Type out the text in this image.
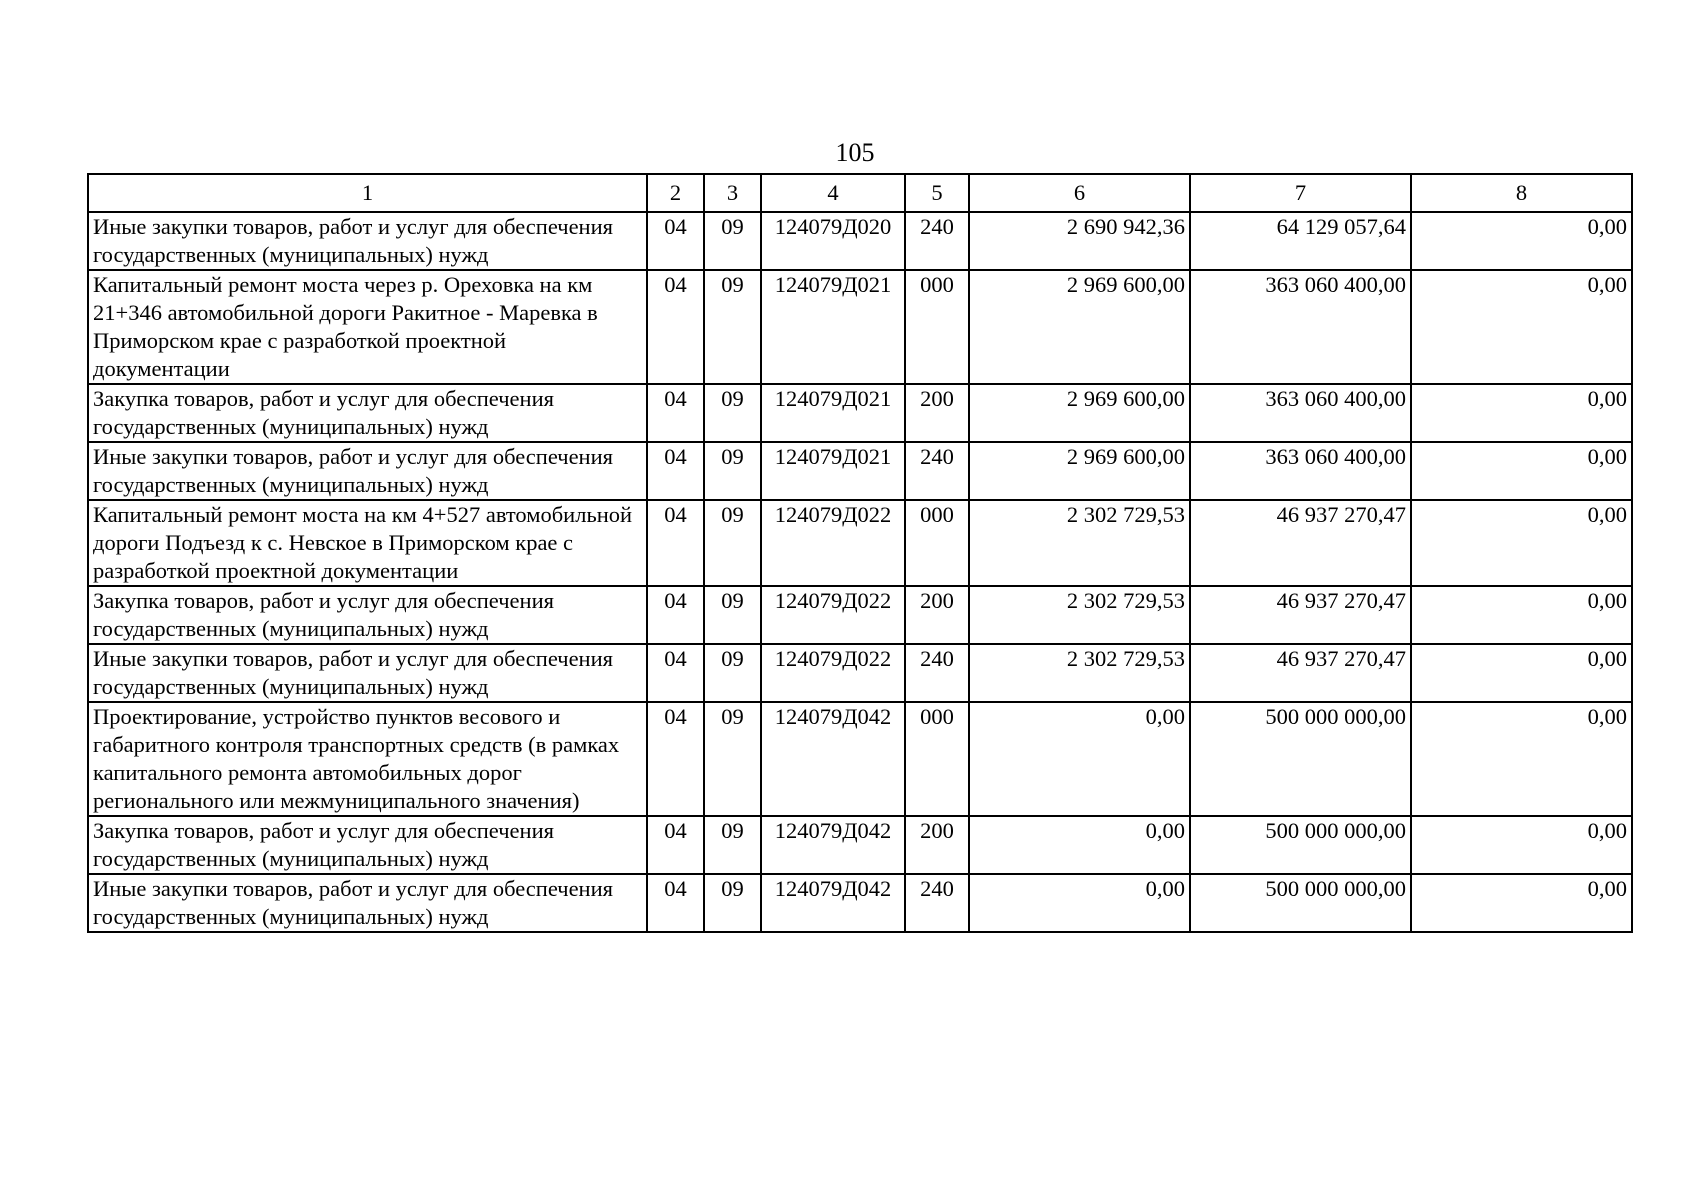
105
1	2	3	4	5	6	7	8
Иные закупки товаров, работ и услуг для обеспечения государственных (муниципальных) нужд	04	09	124079Д020	240	2 690 942,36	64 129 057,64	0,00
Капитальный ремонт моста через р. Ореховка на км 21+346 автомобильной дороги Ракитное - Маревка в Приморском крае с разработкой проектной документации	04	09	124079Д021	000	2 969 600,00	363 060 400,00	0,00
Закупка товаров, работ и услуг для обеспечения государственных (муниципальных) нужд	04	09	124079Д021	200	2 969 600,00	363 060 400,00	0,00
Иные закупки товаров, работ и услуг для обеспечения государственных (муниципальных) нужд	04	09	124079Д021	240	2 969 600,00	363 060 400,00	0,00
Капитальный ремонт моста на км 4+527 автомобильной дороги Подъезд к с. Невское в Приморском крае с разработкой проектной документации	04	09	124079Д022	000	2 302 729,53	46 937 270,47	0,00
Закупка товаров, работ и услуг для обеспечения государственных (муниципальных) нужд	04	09	124079Д022	200	2 302 729,53	46 937 270,47	0,00
Иные закупки товаров, работ и услуг для обеспечения государственных (муниципальных) нужд	04	09	124079Д022	240	2 302 729,53	46 937 270,47	0,00
Проектирование, устройство пунктов весового и габаритного контроля транспортных средств (в рамках капитального ремонта автомобильных дорог регионального или межмуниципального значения)	04	09	124079Д042	000	0,00	500 000 000,00	0,00
Закупка товаров, работ и услуг для обеспечения государственных (муниципальных) нужд	04	09	124079Д042	200	0,00	500 000 000,00	0,00
Иные закупки товаров, работ и услуг для обеспечения государственных (муниципальных) нужд	04	09	124079Д042	240	0,00	500 000 000,00	0,00
